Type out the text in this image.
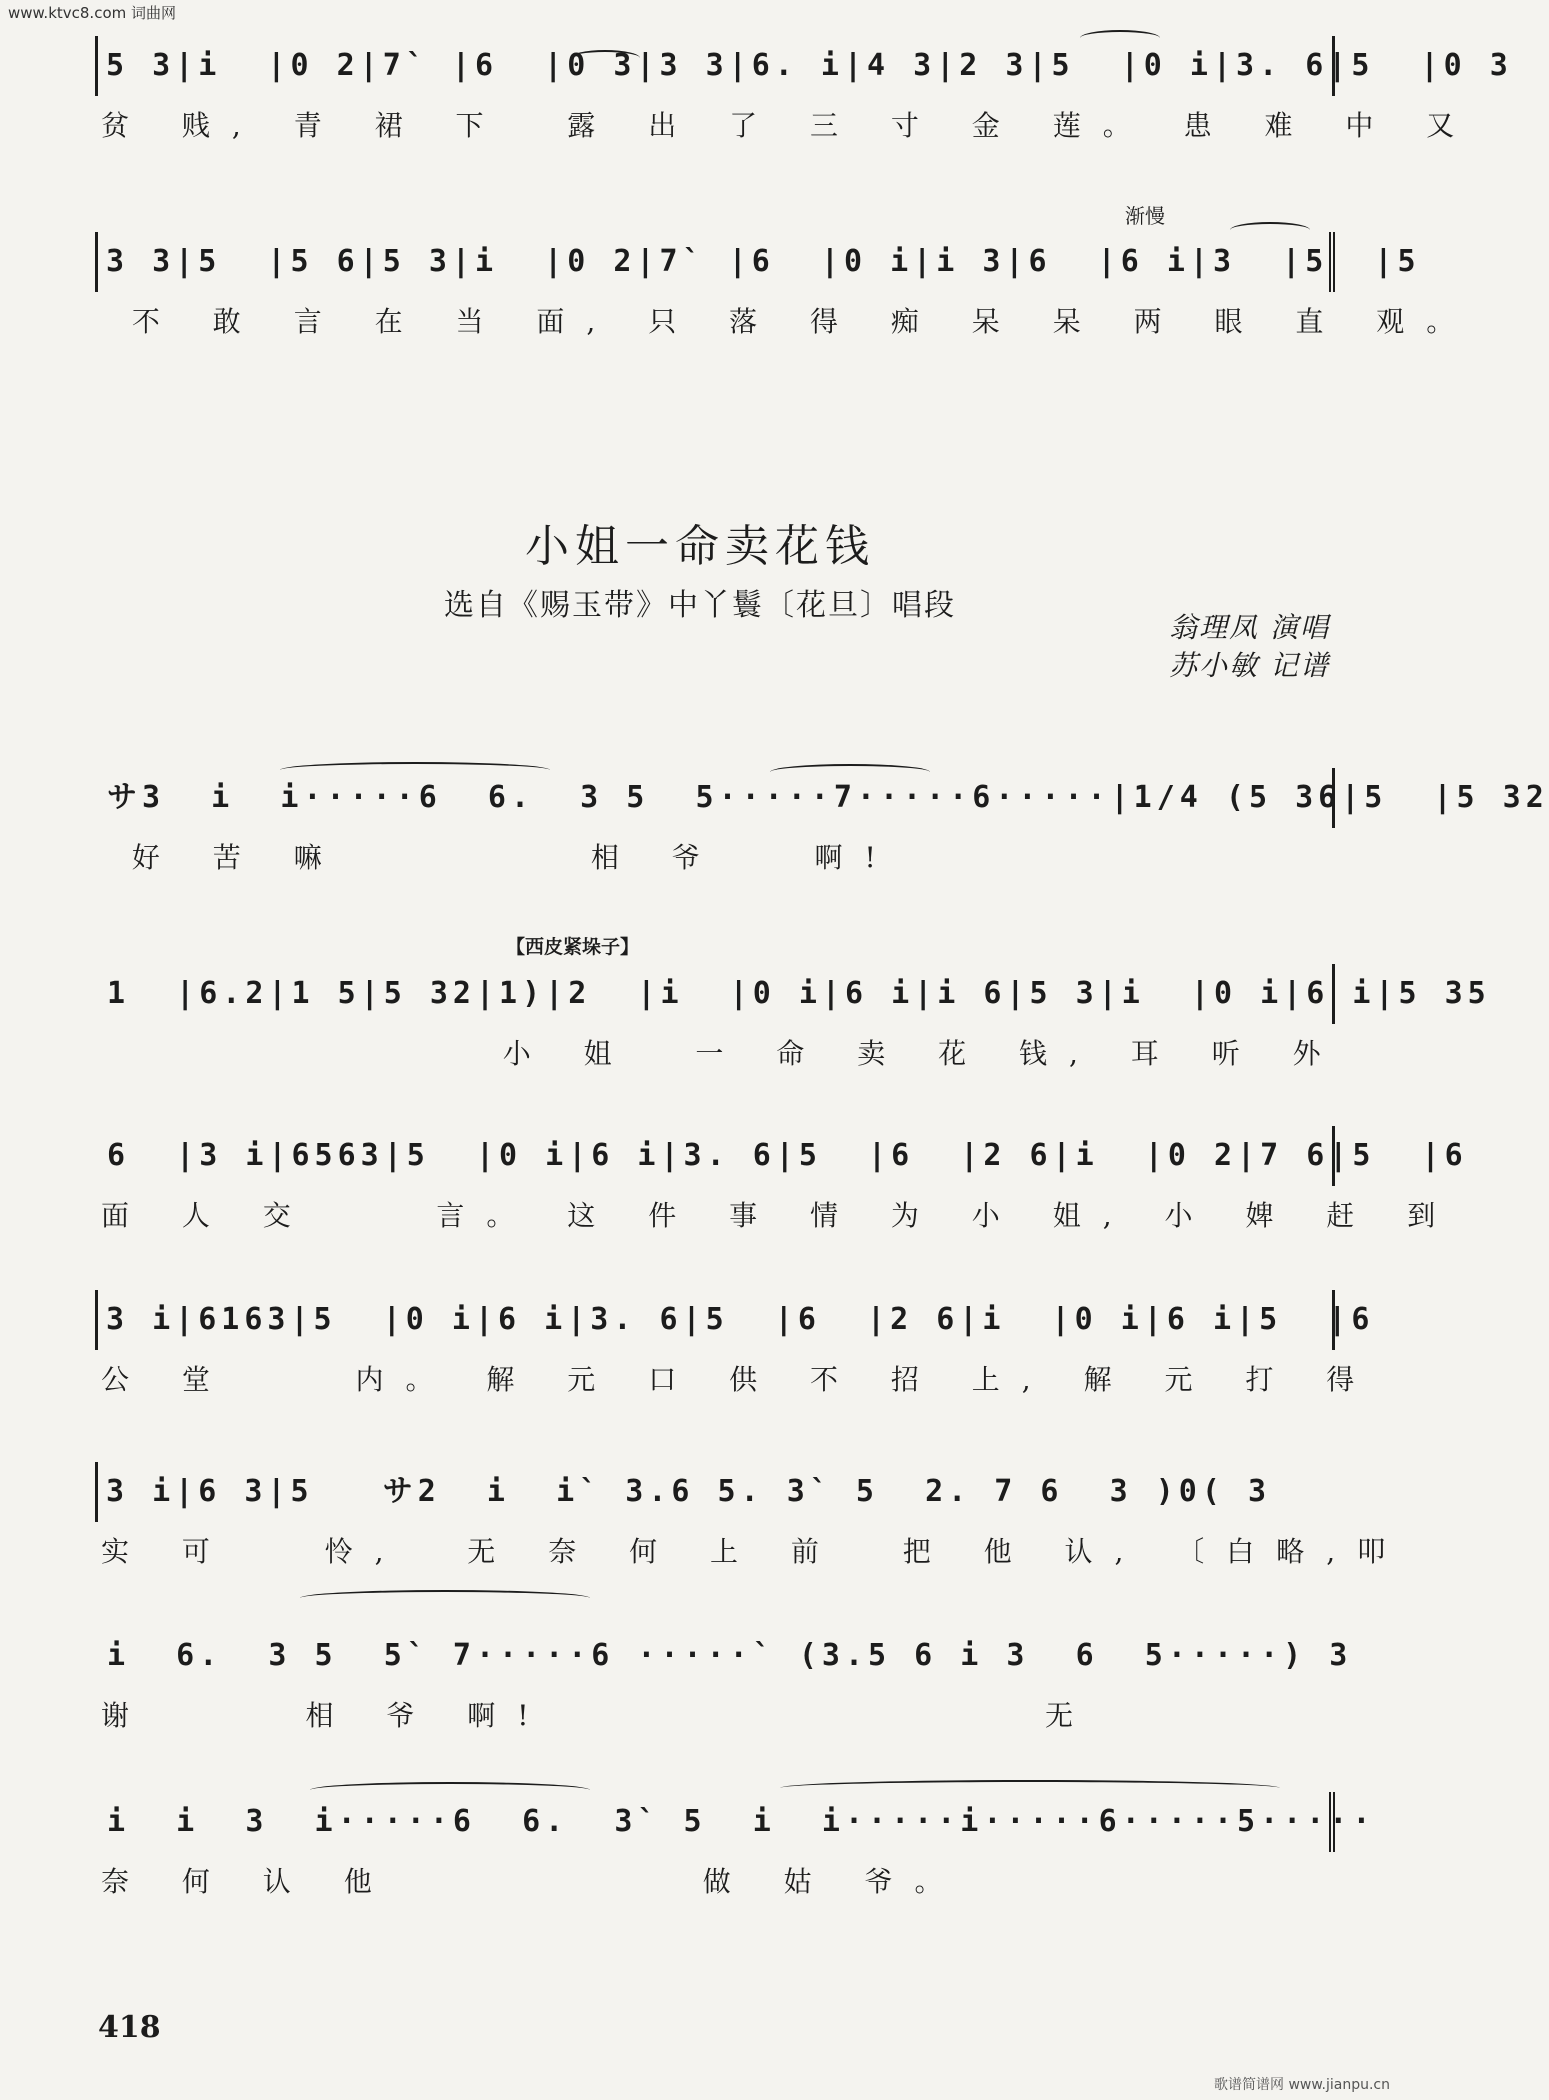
www.ktvc8.com 词曲网
5 3|i  |0 2|7` |6  |0 3|3 3|6. i|4 3|2 3|5  |0 i|3. 6|5  |0 3
贫 贱, 青 裙 下  露 出 了 三 寸 金 莲。 患 难 中 又
渐慢
3 3|5  |5 6|5 3|i  |0 2|7` |6  |0 i|i 3|6  |6 i|3  |5  |5
不 敢 言 在 当 面, 只 落 得 痴 呆 呆 两 眼 直 观。
小姐一命卖花钱
选自《赐玉带》中丫鬟〔花旦〕唱段
翁理凤 演唱
苏小敏 记谱
サ3  i  i·····6  6.  3 5  5·····7·····6·····|1/4 (5 36|5  |5 32
好 苦 嘛        相 爷   啊!
【西皮紧垛子】
1  |6.2|1 5|5 32|1)|2  |i  |0 i|6 i|i 6|5 3|i  |0 i|6 i|5 35
小 姐  一 命 卖 花 钱, 耳 听 外
6  |3 i|6563|5  |0 i|6 i|3. 6|5  |6  |2 6|i  |0 2|7 6|5  |6
面 人 交    言。 这 件 事 情 为 小 姐, 小 婢 赶 到
3 i|6163|5  |0 i|6 i|3. 6|5  |6  |2 6|i  |0 i|6 i|5  |6
公 堂    内。 解 元 口 供 不 招 上, 解 元 打 得
3 i|6 3|5   サ2  i  i` 3.6 5. 3` 5  2. 7 6  3 )0( 3
实 可   怜,  无 奈 何 上 前  把 他 认, 〔白略,叩
i  6.  3 5  5` 7·····6 ·····` (3.5 6 i 3  6  5·····) 3
谢     相 爷 啊!                无
i  i  3  i·····6  6.  3` 5  i  i·····i·····6·····5·····
奈 何 认 他          做 姑 爷。
418
歌谱简谱网 www.jianpu.cn
